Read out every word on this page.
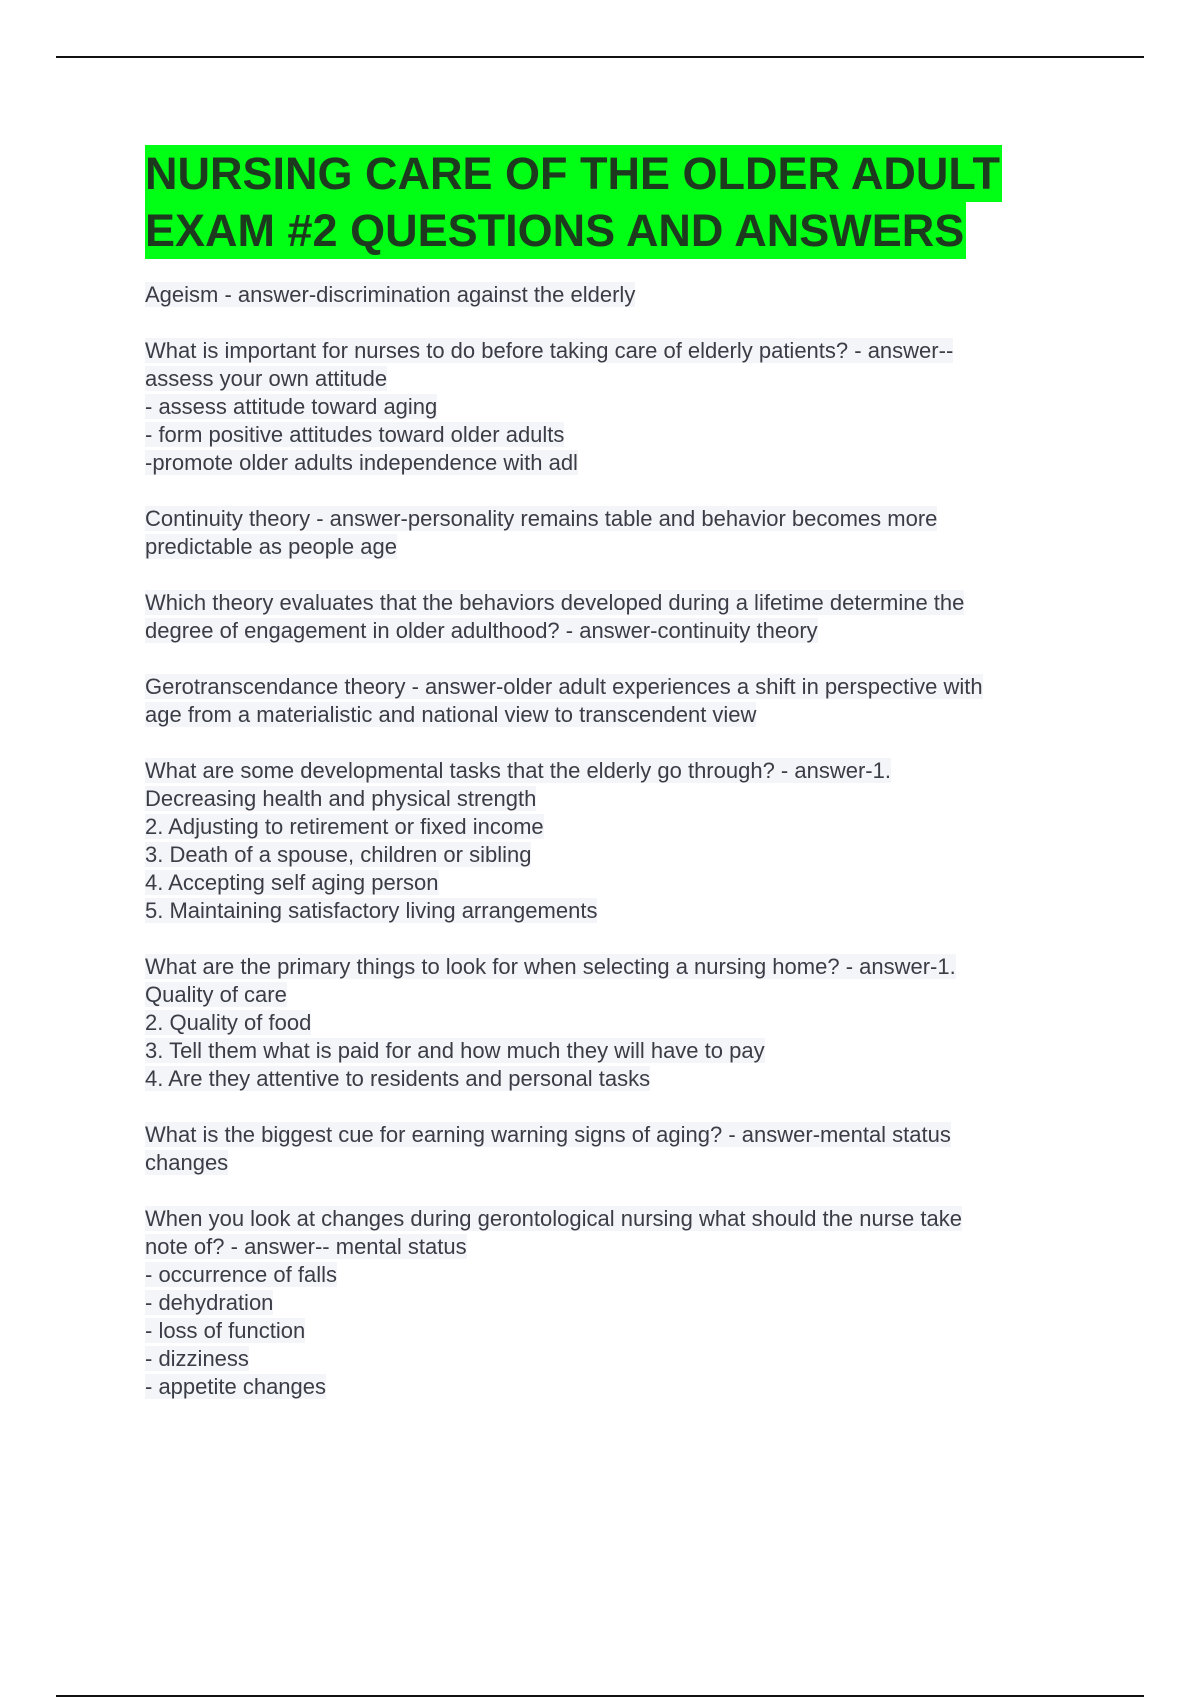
NURSING CARE OF THE OLDER ADULT
EXAM #2 QUESTIONS AND ANSWERS
Ageism - answer-discrimination against the elderly
What is important for nurses to do before taking care of elderly patients? - answer--
assess your own attitude
- assess attitude toward aging
- form positive attitudes toward older adults
-promote older adults independence with adl
Continuity theory - answer-personality remains table and behavior becomes more
predictable as people age
Which theory evaluates that the behaviors developed during a lifetime determine the
degree of engagement in older adulthood? - answer-continuity theory
Gerotranscendance theory - answer-older adult experiences a shift in perspective with
age from a materialistic and national view to transcendent view
What are some developmental tasks that the elderly go through? - answer-1.
Decreasing health and physical strength
2. Adjusting to retirement or fixed income
3. Death of a spouse, children or sibling
4. Accepting self aging person
5. Maintaining satisfactory living arrangements
What are the primary things to look for when selecting a nursing home? - answer-1.
Quality of care
2. Quality of food
3. Tell them what is paid for and how much they will have to pay
4. Are they attentive to residents and personal tasks
What is the biggest cue for earning warning signs of aging? - answer-mental status
changes
When you look at changes during gerontological nursing what should the nurse take
note of? - answer-- mental status
- occurrence of falls
- dehydration
- loss of function
- dizziness
- appetite changes
